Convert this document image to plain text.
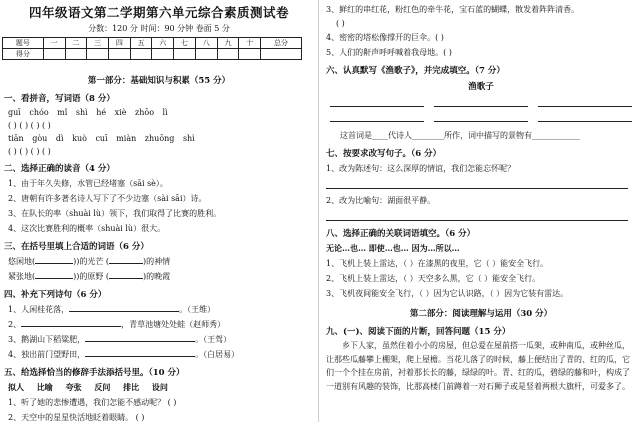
四年级语文第二学期第六单元综合素质测试卷
分数：120 分 时间：90 分钟 卷面 5 分
题号	一	二	三	四	五	六	七	八	九	十	总分
得分											
第一部分：基础知识与积累（55 分）
一、看拼音，写词语（8 分）
guī chóo mǐ shì hé xiè zhōo lì
( ) ( ) ( ) ( )
tiān gòu dì kuò cuī miàn zhuōng shì
( ) ( ) ( ) ( )
二、选择正确的读音（4 分）
1、由于年久失修，水管已经堵塞（sāi sè）。
2、唐朝有许多著名诗人写下了不少边塞（sài sāi）诗。
3、在队长的率（shuài lù）领下，我们取得了比赛的胜利。
4、这次比赛胜利的概率（shuài lù）很大。
三、在括号里填上合适的词语（6 分）
悠闲地(	))的光芒 (	)的神情
紧张地(	))的原野 (	)的晚霞
四、补充下列诗句（6 分）
1、人闲桂花落，	。（王维）
2、	，青草池塘处处蛙（赵师秀）
3、鹅湖山下稻粱肥，	。（王驾）
4、独出前门望野田，	。（白居易）
五、给选择恰当的修辞手法添括号里。（10 分）
拟人 比喻 夸张 反问 排比 设问
1、听了她的悲惨遭遇，我们怎能不感动呢？ ( )
2、天空中的星星快活地眨着眼睛。 ( )
3、鲜红的串红花，粉红色的牵牛花，宝石蓝的蝴蝶，散发着阵阵清香。
( )
4、密密的塔松像撑开的巨伞。( )
5、人们的鼾声呼呼喊着我母地。( )
六、认真默写《渔歌子》，并完成填空。（7 分）
渔歌子
这首词是____代诗人________所作，词中描写的景物有____________
七、按要求改写句子。（6 分）
1、改为陈述句：这么深厚的情谊，我们怎能忘怀呢？
2、改为比喻句：湖面很平静。
八、选择正确的关联词语填空。（6 分）
无论…也… 即使…也… 因为…所以…
1、飞机上装上雷达，（ ）在漆黑的夜里，它（ ）能安全飞行。
2、飞机上装上雷达，（ ）天空多么黑，它（ ）能安全飞行。
3、飞机夜间能安全飞行，（ ）因为它认识路，（ ）因为它装有雷达。
第二部分：阅读理解与运用（30 分）
九、(一)、阅读下面的片断，回答问题（15 分）
乡下人家，虽然住着小小的房屋，但总爱在屋前搭一瓜架，或种南瓜，或种丝瓜，让那些瓜藤攀上棚架，爬上屋檐。当花儿落了的时候，藤上便结出了青的、红的瓜，它们一个个挂在房前，衬着那长长的藤，绿绿的叶。青、红的瓜，碧绿的藤和叶，构成了一道别有风趣的装饰，比那高楼门前蹲着一对石狮子或是竖着两根大旗杆，可爱多了。
